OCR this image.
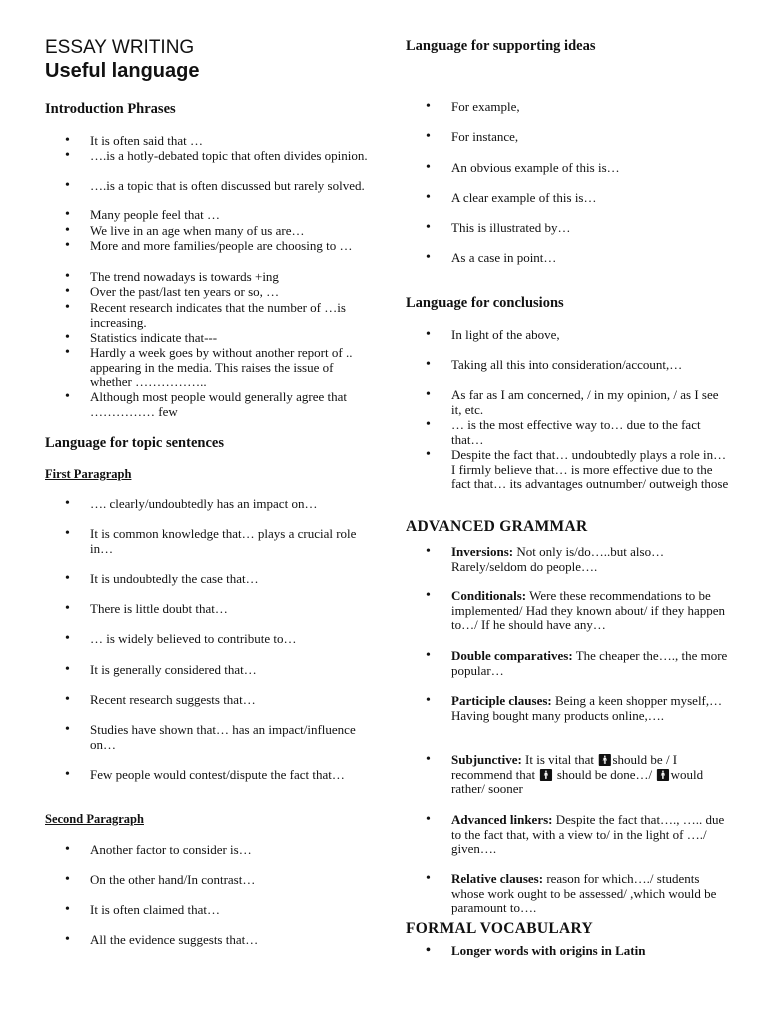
ESSAY WRITING
Useful language
Introduction Phrases
• It is often said that …
• ….is a hotly-debated topic that often divides opinion.
• ….is a topic that is often discussed but rarely solved.
• Many people feel that …
• We live in an age when many of us are…
• More and more families/people are choosing to …
• The trend nowadays is towards +ing
• Over the past/last ten years or so, …
• Recent research indicates that the number of …is increasing.
• Statistics indicate that---
• Hardly a week goes by without another report of .. appearing in the media. This raises the issue of whether ……………..
• Although most people would generally agree that …………… few
Language for topic sentences
First Paragraph
• …. clearly/undoubtedly has an impact on…
• It is common knowledge that… plays a crucial role in…
• It is undoubtedly the case that…
• There is little doubt that…
• … is widely believed to contribute to…
• It is generally considered that…
• Recent research suggests that…
• Studies have shown that… has an impact/influence on…
• Few people would contest/dispute the fact that…
Second Paragraph
• Another factor to consider is…
• On the other hand/In contrast…
• It is often claimed that…
• All the evidence suggests that…
Language for supporting ideas
• For example,
• For instance,
• An obvious example of this is…
• A clear example of this is…
• This is illustrated by…
• As a case in point…
Language for conclusions
• In light of the above,
• Taking all this into consideration/account,…
• As far as I am concerned, / in my opinion, / as I see it, etc.
• … is the most effective way to… due to the fact that…
• Despite the fact that… undoubtedly plays a role in… I firmly believe that… is more effective due to the fact that… its advantages outnumber/ outweigh those
ADVANCED GRAMMAR
• Inversions: Not only is/do…..but also… Rarely/seldom do people….
• Conditionals: Were these recommendations to be implemented/ Had they known about/ if they happen to…/ If he should have any…
• Double comparatives: The cheaper the…., the more popular…
• Participle clauses: Being a keen shopper myself,… Having bought many products online,….
• Subjunctive: It is vital that 🚹︎should be / I recommend that 🚹︎ should be done…/ 🚹︎would rather/ sooner
• Advanced linkers: Despite the fact that…., ….. due to the fact that, with a view to/ in the light of …./ given….
• Relative clauses: reason for which…./ students whose work ought to be assessed/ ,which would be paramount to….
FORMAL VOCABULARY
• Longer words with origins in Latin
